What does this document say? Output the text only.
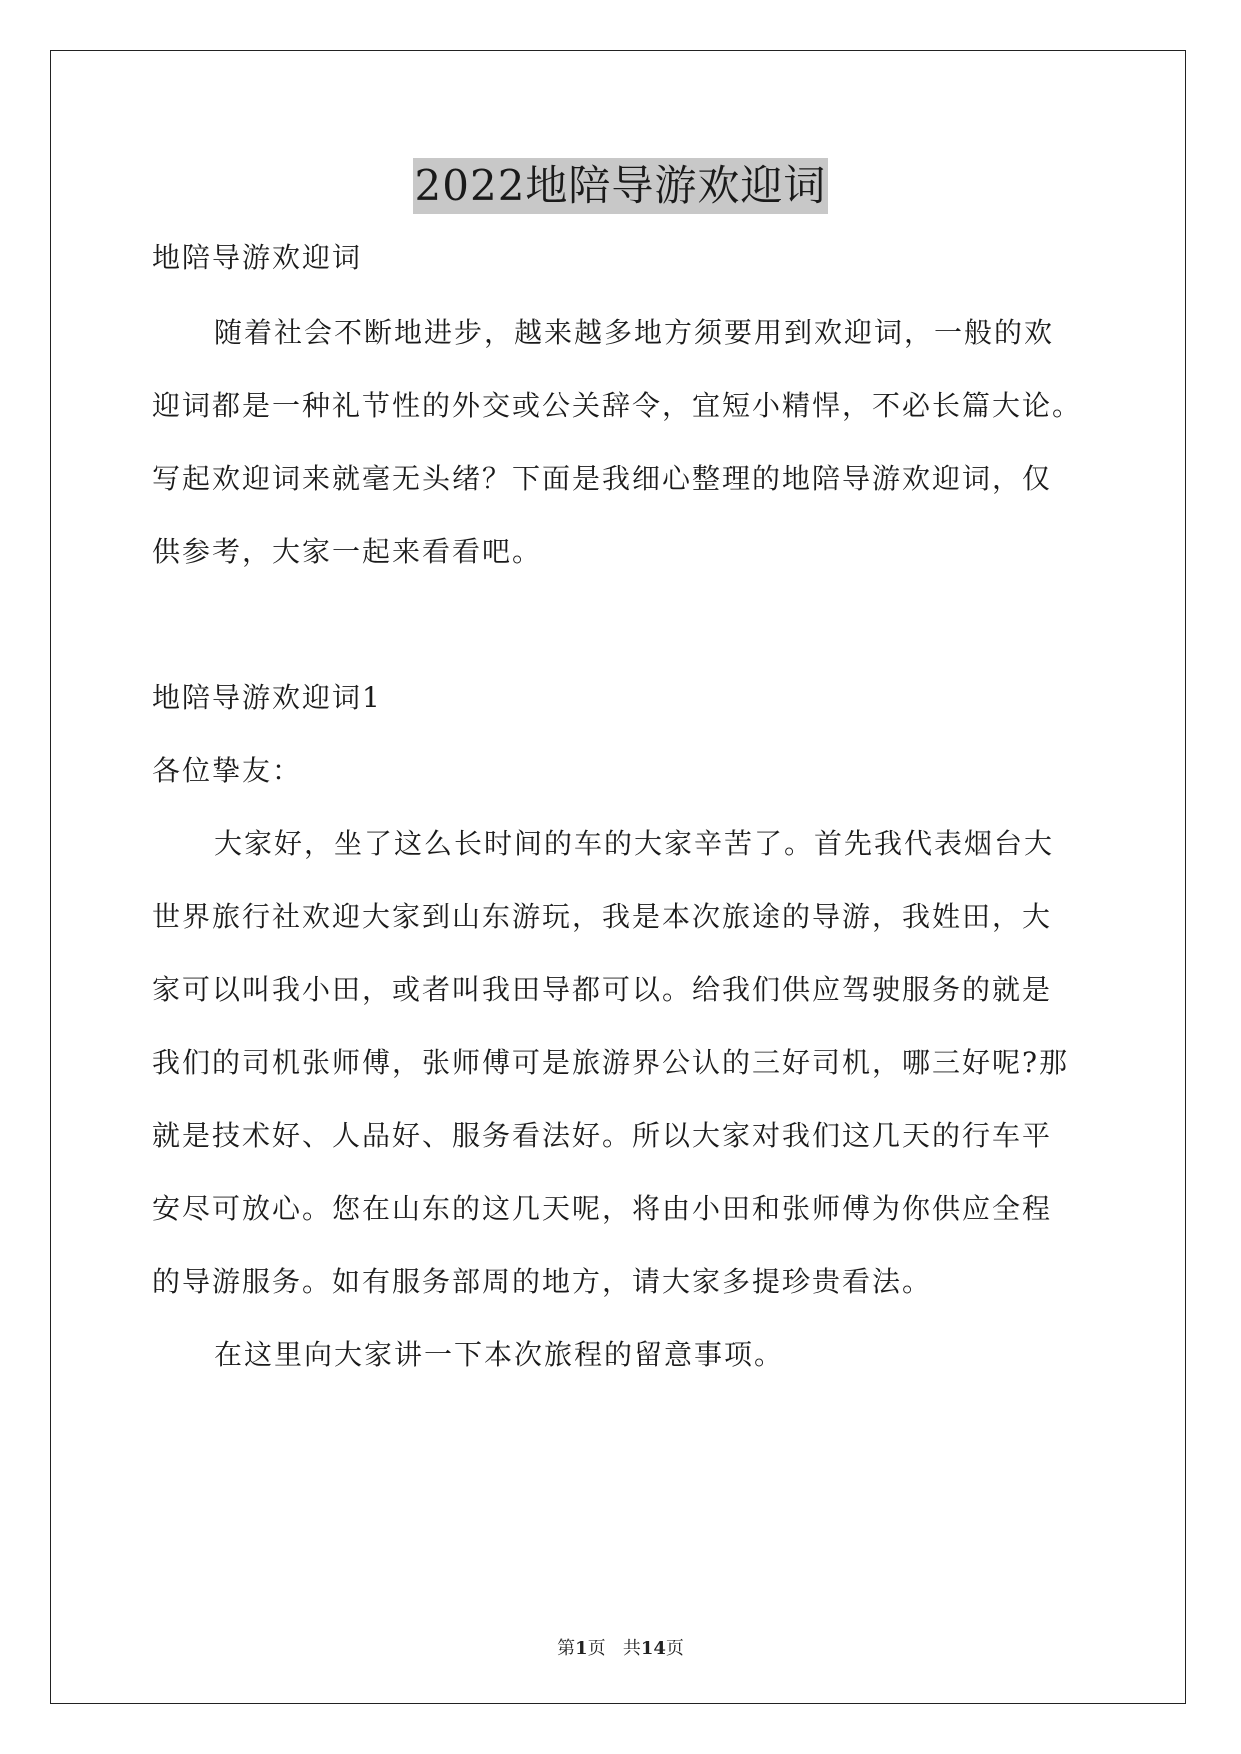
2022地陪导游欢迎词
地陪导游欢迎词
随着社会不断地进步，越来越多地方须要用到欢迎词，一般的欢
迎词都是一种礼节性的外交或公关辞令，宜短小精悍，不必长篇大论。
写起欢迎词来就毫无头绪？下面是我细心整理的地陪导游欢迎词，仅
供参考，大家一起来看看吧。
地陪导游欢迎词1
各位挚友：
大家好，坐了这么长时间的车的大家辛苦了。首先我代表烟台大
世界旅行社欢迎大家到山东游玩，我是本次旅途的导游，我姓田，大
家可以叫我小田，或者叫我田导都可以。给我们供应驾驶服务的就是
我们的司机张师傅，张师傅可是旅游界公认的三好司机，哪三好呢?那
就是技术好、人品好、服务看法好。所以大家对我们这几天的行车平
安尽可放心。您在山东的这几天呢，将由小田和张师傅为你供应全程
的导游服务。如有服务部周的地方，请大家多提珍贵看法。
在这里向大家讲一下本次旅程的留意事项。
第1页 共14页
